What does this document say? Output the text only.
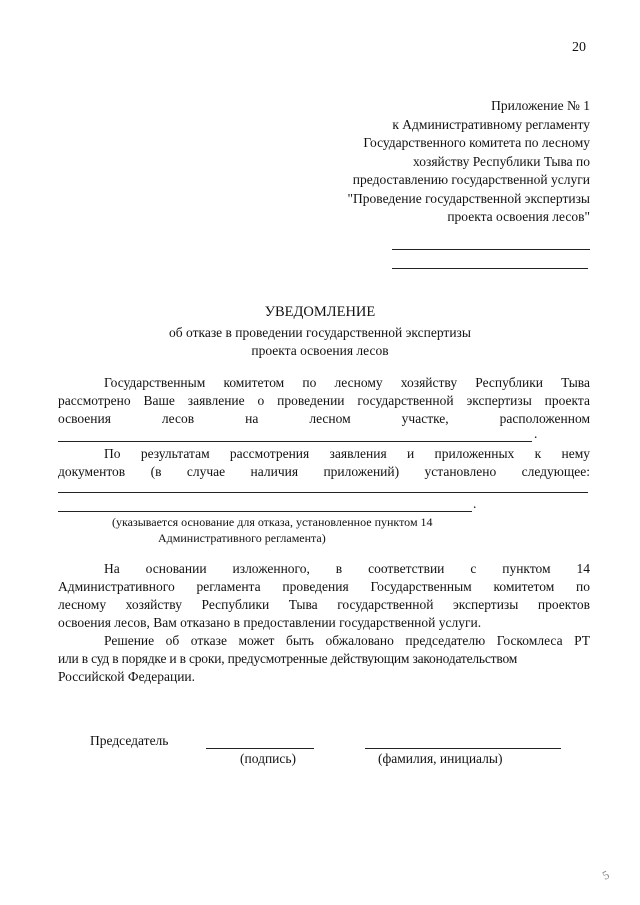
20
Приложение № 1
к Административному регламенту
Государственного комитета по лесному
хозяйству Республики Тыва по
предоставлению государственной услуги
"Проведение государственной экспертизы
проекта освоения лесов"
УВЕДОМЛЕНИЕ
об отказе в проведении государственной экспертизы
проекта освоения лесов
Государственным комитетом по лесному хозяйству Республики Тыва
рассмотрено Ваше заявление о проведении государственной экспертизы проекта
освоения лесов на лесном участке, расположенном
.
По результатам рассмотрения заявления и приложенных к нему
документов (в случае наличия приложений) установлено следующее:
.
(указывается основание для отказа, установленное пунктом 14
Административного регламента)
На основании изложенного, в соответствии с пунктом 14
Административного регламента проведения Государственным комитетом по
лесному хозяйству Республики Тыва государственной экспертизы проектов
освоения лесов, Вам отказано в предоставлении государственной услуги.
Решение об отказе может быть обжаловано председателю Госкомлеса РТ
или в суд в порядке и в сроки, предусмотренные действующим законодательством
Российской Федерации.
Председатель
(подпись)	(фамилия, инициалы)
5
